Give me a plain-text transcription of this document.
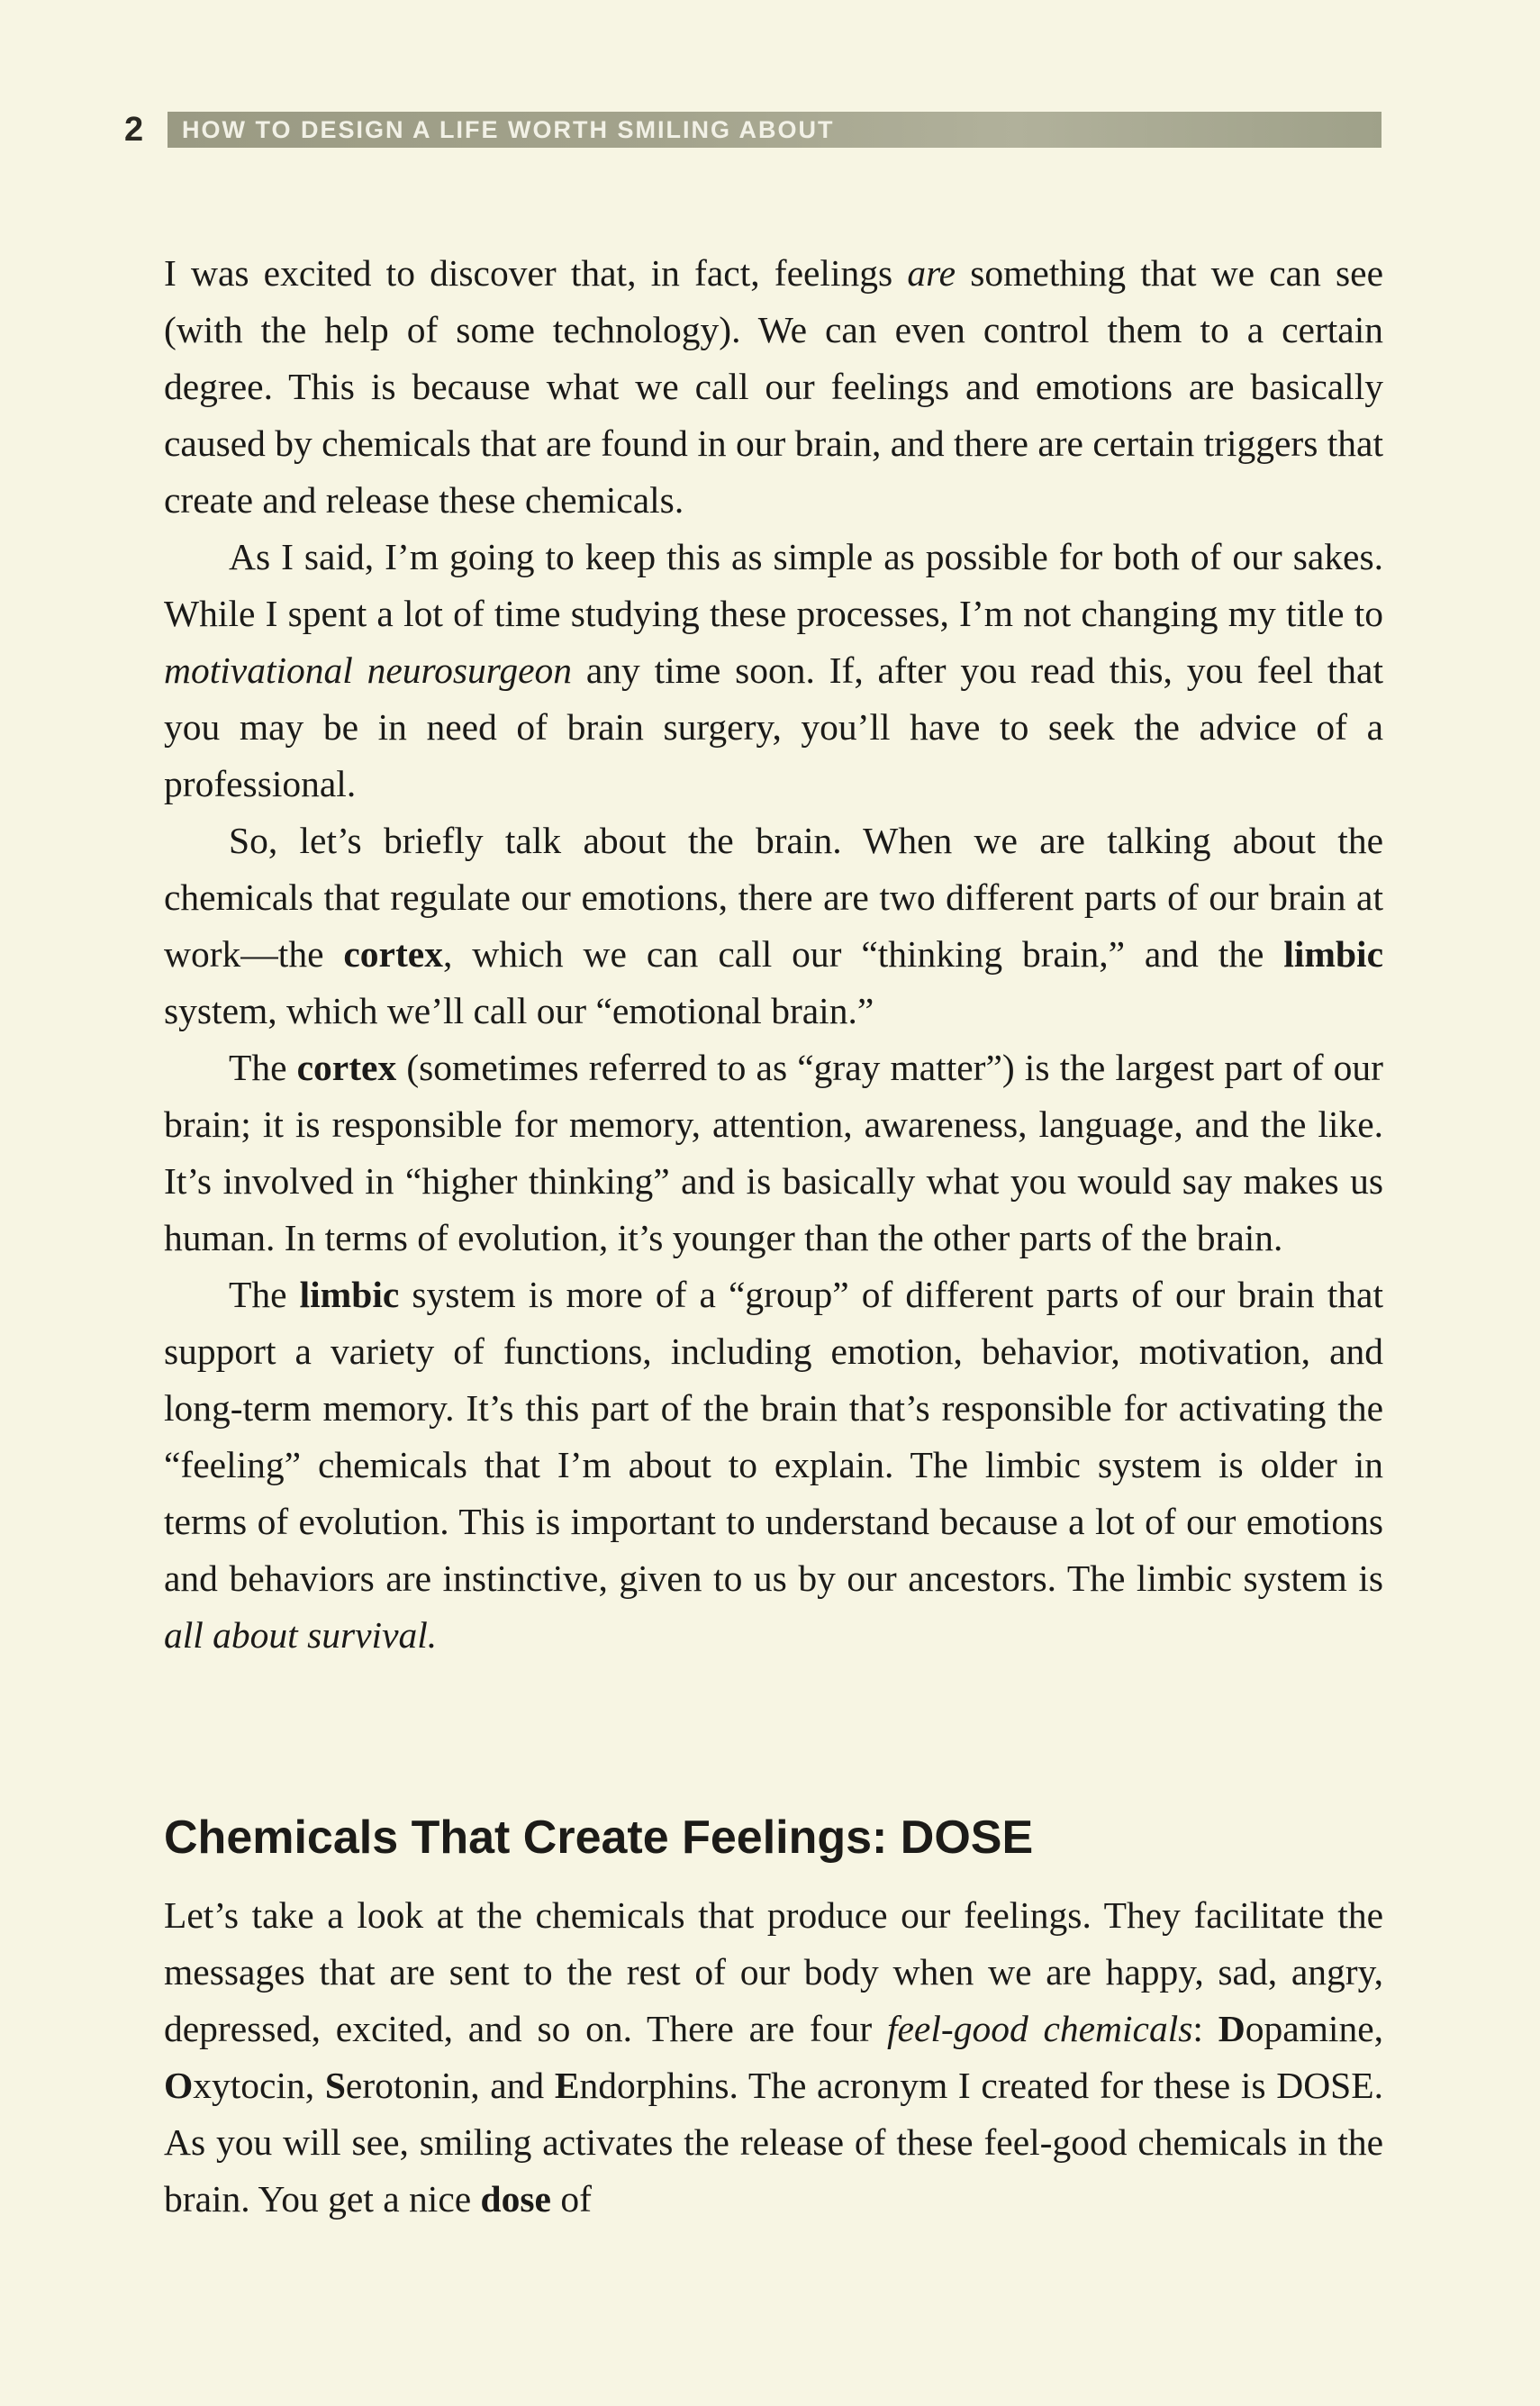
2 HOW TO DESIGN A LIFE WORTH SMILING ABOUT

I was excited to discover that, in fact, feelings are something that we can see (with the help of some technology). We can even control them to a certain degree. This is because what we call our feelings and emotions are basically caused by chemicals that are found in our brain, and there are certain triggers that create and release these chemicals.

As I said, I’m going to keep this as simple as possible for both of our sakes. While I spent a lot of time studying these processes, I’m not changing my title to motivational neurosurgeon any time soon. If, after you read this, you feel that you may be in need of brain surgery, you’ll have to seek the advice of a professional.

So, let’s briefly talk about the brain. When we are talking about the chemicals that regulate our emotions, there are two different parts of our brain at work—the cortex, which we can call our “thinking brain,” and the limbic system, which we’ll call our “emotional brain.”

The cortex (sometimes referred to as “gray matter”) is the largest part of our brain; it is responsible for memory, attention, awareness, language, and the like. It’s involved in “higher thinking” and is basically what you would say makes us human. In terms of evolution, it’s younger than the other parts of the brain.

The limbic system is more of a “group” of different parts of our brain that support a variety of functions, including emotion, behavior, motivation, and long-term memory. It’s this part of the brain that’s responsible for activating the “feeling” chemicals that I’m about to explain. The limbic system is older in terms of evolution. This is important to understand because a lot of our emotions and behaviors are instinctive, given to us by our ancestors. The limbic system is all about survival.

Chemicals That Create Feelings: DOSE

Let’s take a look at the chemicals that produce our feelings. They facilitate the messages that are sent to the rest of our body when we are happy, sad, angry, depressed, excited, and so on. There are four feel-good chemicals: Dopamine, Oxytocin, Serotonin, and Endorphins. The acronym I created for these is DOSE. As you will see, smiling activates the release of these feel-good chemicals in the brain. You get a nice dose of
